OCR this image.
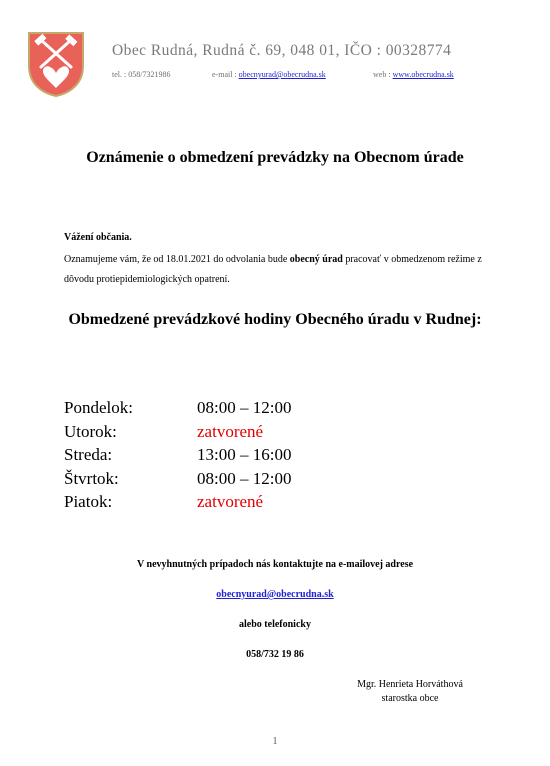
Obec Rudná, Rudná č. 69, 048 01, IČO : 00328774
tel. : 058/7321986	e-mail : obecnyurad@obecrudna.sk	web : www.obecrudna.sk
Oznámenie o obmedzení prevádzky na Obecnom úrade
Vážení občania.
Oznamujeme vám, že od 18.01.2021 do odvolania bude obecný úrad pracovať v obmedzenom režime z dôvodu protiepidemiologických opatrení.
Obmedzené prevádzkové hodiny Obecného úradu v Rudnej:
Pondelok:	08:00 – 12:00
Utorok:	zatvorené
Streda:	13:00 – 16:00
Štvrtok:	08:00 – 12:00
Piatok:	zatvorené
V nevyhnutných prípadoch nás kontaktujte na e-mailovej adrese
obecnyurad@obecrudna.sk
alebo telefonicky
058/732 19 86
Mgr. Henrieta Horváthová
starostka obce
1
